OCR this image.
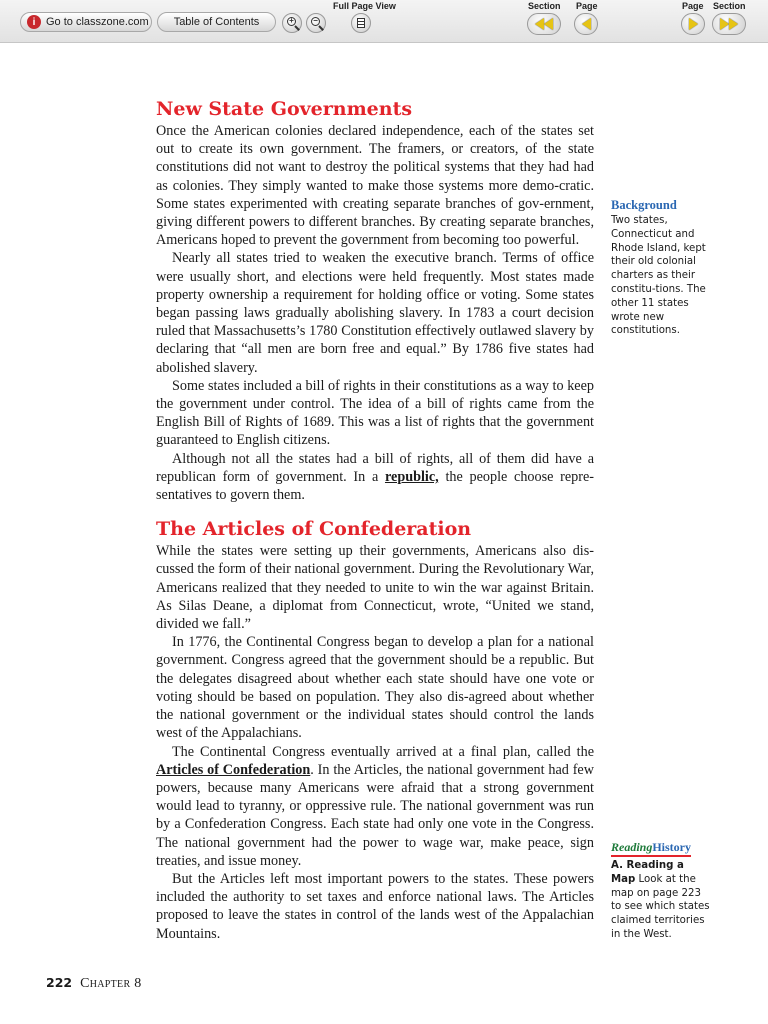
i Go to classzone.com Table of Contents	+ −
Full Page View	Section Page	Page Section
New State Governments

Once the American colonies declared independence, each of the states set out to create its own government. The framers, or creators, of the state constitutions did not want to destroy the political systems that they had had as colonies. They simply wanted to make those systems more demo-cratic. Some states experimented with creating separate branches of gov-ernment, giving different powers to different branches. By creating separate branches, Americans hoped to prevent the government from becoming too powerful.

Nearly all states tried to weaken the executive branch. Terms of office were usually short, and elections were held frequently. Most states made property ownership a requirement for holding office or voting. Some states began passing laws gradually abolishing slavery. In 1783 a court decision ruled that Massachusetts’s 1780 Constitution effectively outlawed slavery by declaring that “all men are born free and equal.” By 1786 five states had abolished slavery.

Some states included a bill of rights in their constitutions as a way to keep the government under control. The idea of a bill of rights came from the English Bill of Rights of 1689. This was a list of rights that the government guaranteed to English citizens.

Although not all the states had a bill of rights, all of them did have a republican form of government. In a republic, the people choose repre-sentatives to govern them.

The Articles of Confederation

While the states were setting up their governments, Americans also dis-cussed the form of their national government. During the Revolutionary War, Americans realized that they needed to unite to win the war against Britain. As Silas Deane, a diplomat from Connecticut, wrote, “United we stand, divided we fall.”

In 1776, the Continental Congress began to develop a plan for a national government. Congress agreed that the government should be a republic. But the delegates disagreed about whether each state should have one vote or voting should be based on population. They also dis-agreed about whether the national government or the individual states should control the lands west of the Appalachians.

The Continental Congress eventually arrived at a final plan, called the Articles of Confederation. In the Articles, the national government had few powers, because many Americans were afraid that a strong government would lead to tyranny, or oppressive rule. The national government was run by a Confederation Congress. Each state had only one vote in the Congress. The national government had the power to wage war, make peace, sign treaties, and issue money.

But the Articles left most important powers to the states. These powers included the authority to set taxes and enforce national laws. The Articles proposed to leave the states in control of the lands west of the Appalachian Mountains.

Background
Two states, Connecticut and Rhode Island, kept their old colonial charters as their constitu-tions. The other 11 states wrote new constitutions.
ReadingHistory
A. Reading a Map Look at the map on page 223 to see which states claimed territories in the West.
222 Chapter 8
